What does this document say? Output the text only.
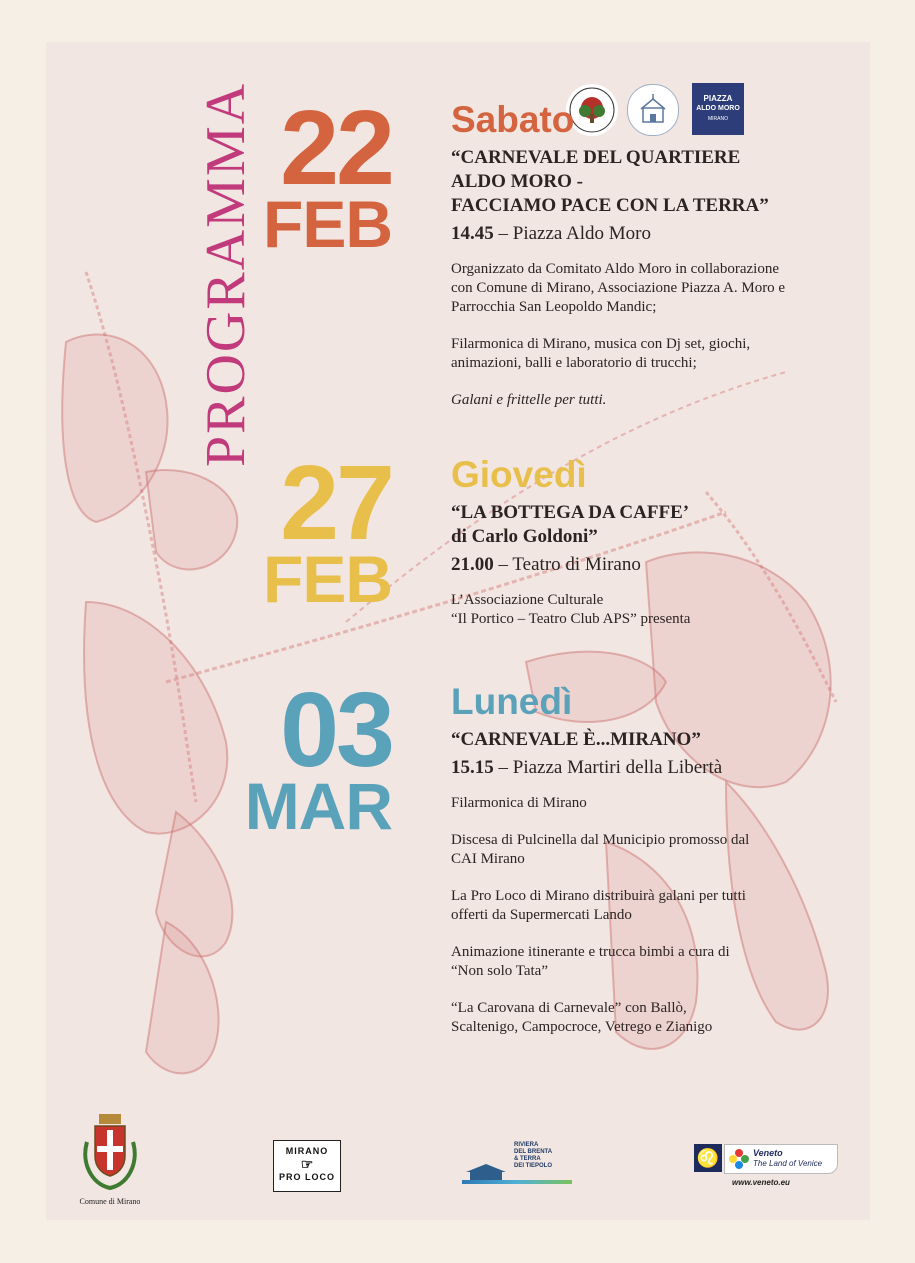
PROGRAMMA	PIAZZA
ALDO MORO
MIRANO
22
FEB
Sabato
“CARNEVALE DEL QUARTIERE
ALDO MORO -
FACCIAMO PACE CON LA TERRA”
14.45 – Piazza Aldo Moro

Organizzato da Comitato Aldo Moro in collaborazione
con Comune di Mirano, Associazione Piazza A. Moro e
Parrocchia San Leopoldo Mandic;

Filarmonica di Mirano, musica con Dj set, giochi,
animazioni, balli e laboratorio di trucchi;

Galani e frittelle per tutti.

27
FEB
Giovedì
“LA BOTTEGA DA CAFFE’
di Carlo Goldoni”
21.00 – Teatro di Mirano

L’Associazione Culturale
“Il Portico – Teatro Club APS” presenta

03
MAR
Lunedì
“CARNEVALE È...MIRANO”
15.15 – Piazza Martiri della Libertà

Filarmonica di Mirano

Discesa di Pulcinella dal Municipio promosso dal
CAI Mirano

La Pro Loco di Mirano distribuirà galani per tutti
offerti da Supermercati Lando

Animazione itinerante e trucca bimbi a cura di
“Non solo Tata”

“La Carovana di Carnevale” con Ballò,
Scaltenigo, Campocroce, Vetrego e Zianigo

Comune di Mirano
MIRANO
☞
PRO LOCO
RIVIERA
DEL BRENTA
& TERRA
DEI TIEPOLO	♌	Veneto
The Land of Venice
www.veneto.eu
